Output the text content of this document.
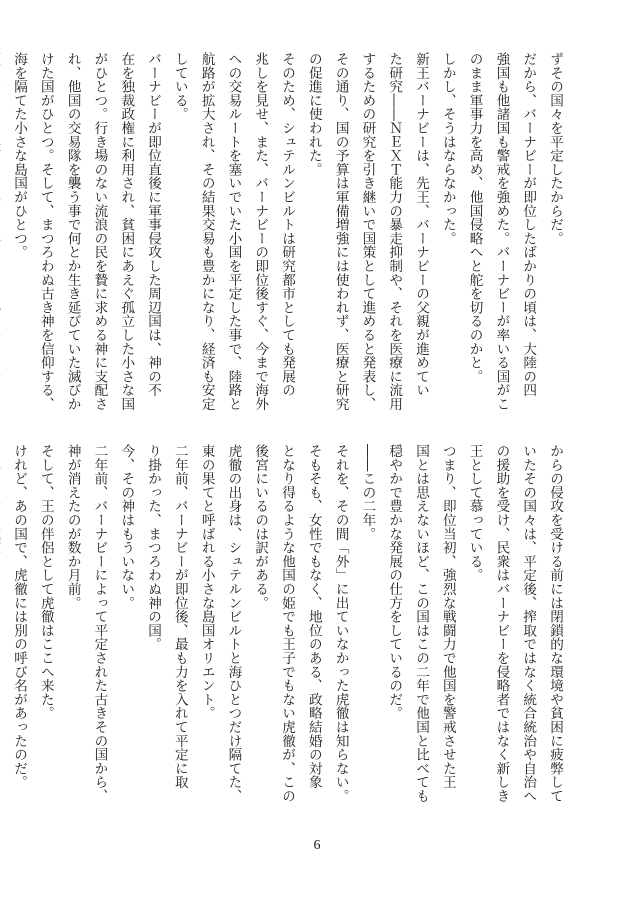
ずその国々を平定したからだ。
だから、バーナビーが即位したばかりの頃は、大陸の四
強国も他諸国も警戒を強めた。バーナビーが率いる国がこ
のまま軍事力を高め、他国侵略へと舵を切るのかと。
しかし、そうはならなかった。
新王バーナビーは、先王、バーナビーの父親が進めてい
た研究――ＮＥＸＴ能力の暴走抑制や、それを医療に流用
するための研究を引き継いで国策として進めると発表し、
その通り、国の予算は軍備増強には使われず、医療と研究
の促進に使われた。
そのため、シュテルンビルトは研究都市としても発展の
兆しを見せ、また、バーナビーの即位後すぐ、今まで海外
への交易ルートを塞いでいた小国を平定した事で、陸路と
航路が拡大され、その結果交易も豊かになり、経済も安定
している。
バーナビーが即位直後に軍事侵攻した周辺国は、神の不
在を独裁政権に利用され、貧困にあえぐ孤立した小さな国
がひとつ。行き場のない流浪の民を贄に求める神に支配さ
れ、他国の交易隊を襲う事で何とか生き延びていた滅びか
けた国がひとつ。そして、まつろわぬ古き神を信仰する、
海を隔てた小さな島国がひとつ。
からの侵攻を受ける前には閉鎖的な環境や貧困に疲弊して
いたその国々は、平定後、搾取ではなく統合統治や自治へ
の援助を受け、民衆はバーナビーを侵略者ではなく新しき
王として慕っている。
つまり、即位当初、強烈な戦闘力で他国を警戒させた王
国とは思えないほど、この国はこの二年で他国と比べても
穏やかで豊かな発展の仕方をしているのだ。
――この二年。
それを、その間「外」に出ていなかった虎徹は知らない。
そもそも、女性でもなく、地位のある、政略結婚の対象
となり得るような他国の姫でも王子でもない虎徹が、この
後宮にいるのは訳がある。
虎徹の出身は、シュテルンビルトと海ひとつだけ隔てた、
東の果てと呼ばれる小さな島国オリエント。
二年前、バーナビーが即位後、最も力を入れて平定に取
り掛かった、まつろわぬ神の国。
今、その神はもういない。
二年前、バーナビーによって平定された古きその国から、
神が消えたのが数か月前。
そして、王の伴侶として虎徹はここへ来た。
けれど、あの国で、虎徹には別の呼び名があったのだ。
6
